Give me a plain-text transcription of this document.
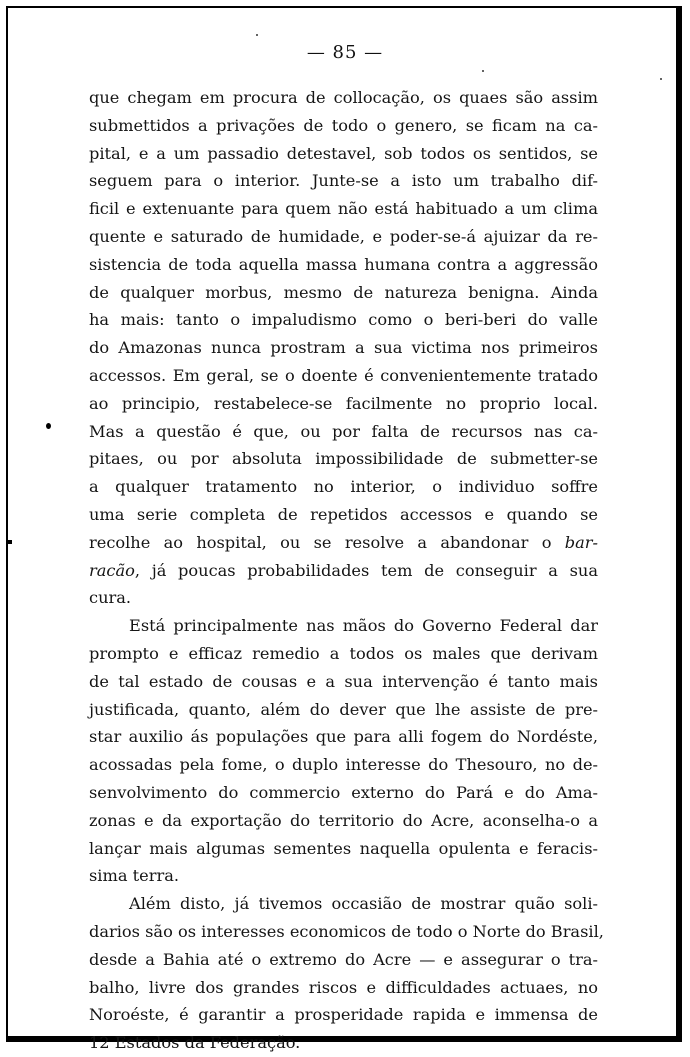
— 85 —

que chegam em procura de collocação, os quaes são assim
submettidos a privações de todo o genero, se ficam na ca-
pital, e a um passadio detestavel, sob todos os sentidos, se
seguem para o interior. Junte-se a isto um trabalho dif-
ficil e extenuante para quem não está habituado a um clima
quente e saturado de humidade, e poder-se-á ajuizar da re-
sistencia de toda aquella massa humana contra a aggressão
de qualquer morbus, mesmo de natureza benigna. Ainda
ha mais: tanto o impaludismo como o beri-beri do valle
do Amazonas nunca prostram a sua victima nos primeiros
accessos. Em geral, se o doente é convenientemente tratado
ao principio, restabelece-se facilmente no proprio local.
Mas a questão é que, ou por falta de recursos nas ca-
pitaes, ou por absoluta impossibilidade de submetter-se
a qualquer tratamento no interior, o individuo soffre
uma serie completa de repetidos accessos e quando se
recolhe ao hospital, ou se resolve a abandonar o bar-
racão, já poucas probabilidades tem de conseguir a sua
cura.

Está principalmente nas mãos do Governo Federal dar
prompto e efficaz remedio a todos os males que derivam
de tal estado de cousas e a sua intervenção é tanto mais
justificada, quanto, além do dever que lhe assiste de pre-
star auxilio ás populações que para alli fogem do Nordéste,
acossadas pela fome, o duplo interesse do Thesouro, no de-
senvolvimento do commercio externo do Pará e do Ama-
zonas e da exportação do territorio do Acre, aconselha-o a
lançar mais algumas sementes naquella opulenta e feracis-
sima terra.

Além disto, já tivemos occasião de mostrar quão soli-
darios são os interesses economicos de todo o Norte do Brasil,
desde a Bahia até o extremo do Acre — e assegurar o tra-
balho, livre dos grandes riscos e difficuldades actuaes, no
Noroéste, é garantir a prosperidade rapida e immensa de
12 Estados da Federação.
